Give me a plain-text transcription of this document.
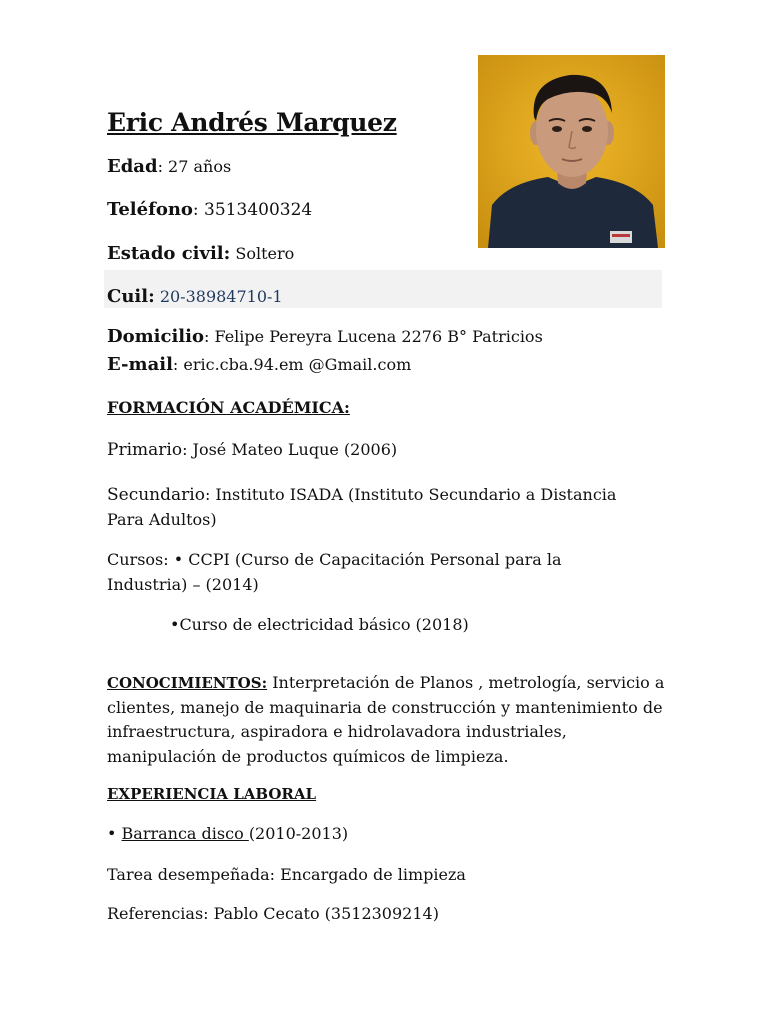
Eric Andrés Marquez
Edad: 27 años
Teléfono: 3513400324
Estado civil: Soltero
Cuil: 20-38984710-1
Domicilio: Felipe Pereyra Lucena 2276 B° Patricios
E-mail: eric.cba.94.em @Gmail.com
FORMACIÓN ACADÉMICA:
Primario: José Mateo Luque (2006)
Secundario: Instituto ISADA (Instituto Secundario a Distancia Para Adultos)
Cursos: • CCPI (Curso de Capacitación Personal para la Industria) – (2014)
•Curso de electricidad básico (2018)
CONOCIMIENTOS: Interpretación de Planos , metrología, servicio a clientes, manejo de maquinaria de construcción y mantenimiento de infraestructura, aspiradora e hidrolavadora industriales, manipulación de productos químicos de limpieza.
EXPERIENCIA LABORAL
• Barranca disco (2010-2013)
Tarea desempeñada: Encargado de limpieza
Referencias: Pablo Cecato (3512309214)
